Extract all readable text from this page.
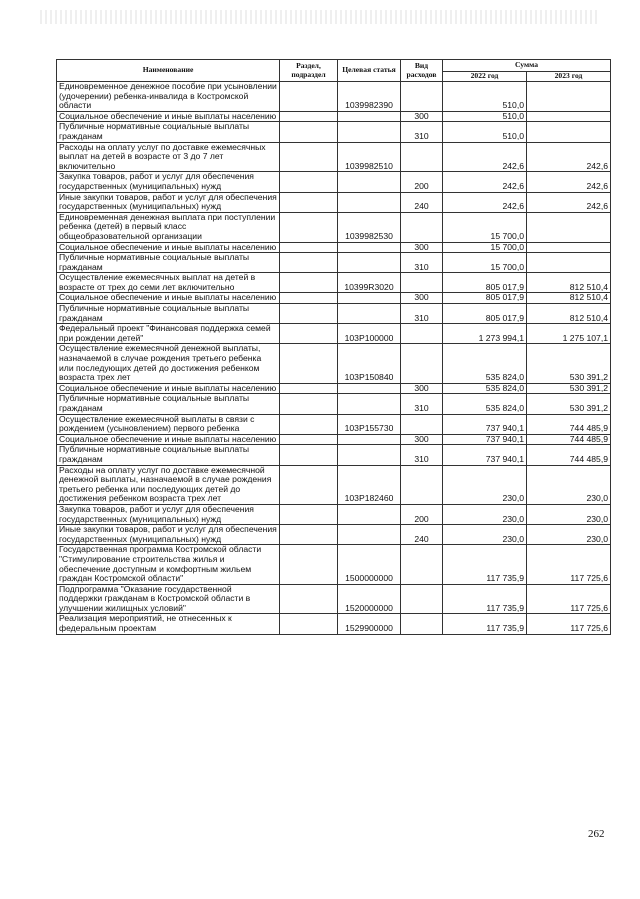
Наименование	Раздел, подраздел	Целевая статья	Вид расходов	Сумма	
				2022 год	2023 год
Единовременное денежное пособие при усыновлении (удочерении) ребенка-инвалида в Костромской области		1039982390		510,0	
Социальное обеспечение и иные выплаты населению			300	510,0	
Публичные нормативные социальные выплаты гражданам			310	510,0	
Расходы на оплату услуг по доставке ежемесячных выплат на детей в возрасте от 3 до 7 лет включительно		1039982510		242,6	242,6
Закупка товаров, работ и услуг для обеспечения государственных (муниципальных) нужд			200	242,6	242,6
Иные закупки товаров, работ и услуг для обеспечения государственных (муниципальных) нужд			240	242,6	242,6
Единовременная денежная выплата при поступлении ребенка (детей) в первый класс общеобразовательной организации		1039982530		15 700,0	
Социальное обеспечение и иные выплаты населению			300	15 700,0	
Публичные нормативные социальные выплаты гражданам			310	15 700,0	
Осуществление ежемесячных выплат на детей в возрасте от трех до семи лет включительно		10399R3020		805 017,9	812 510,4
Социальное обеспечение и иные выплаты населению			300	805 017,9	812 510,4
Публичные нормативные социальные выплаты гражданам			310	805 017,9	812 510,4
Федеральный проект "Финансовая поддержка семей при рождении детей"		103P100000		1 273 994,1	1 275 107,1
Осуществление ежемесячной денежной выплаты, назначаемой в случае рождения третьего ребенка или последующих детей до достижения ребенком возраста трех лет		103P150840		535 824,0	530 391,2
Социальное обеспечение и иные выплаты населению			300	535 824,0	530 391,2
Публичные нормативные социальные выплаты гражданам			310	535 824,0	530 391,2
Осуществление ежемесячной выплаты в связи с рождением (усыновлением) первого ребенка		103P155730		737 940,1	744 485,9
Социальное обеспечение и иные выплаты населению			300	737 940,1	744 485,9
Публичные нормативные социальные выплаты гражданам			310	737 940,1	744 485,9
Расходы на оплату услуг по доставке ежемесячной денежной выплаты, назначаемой в случае рождения третьего ребенка или последующих детей до достижения ребенком возраста трех лет		103P182460		230,0	230,0
Закупка товаров, работ и услуг для обеспечения государственных (муниципальных) нужд			200	230,0	230,0
Иные закупки товаров, работ и услуг для обеспечения государственных (муниципальных) нужд			240	230,0	230,0
Государственная программа Костромской области "Стимулирование строительства жилья и обеспечение доступным и комфортным жильем граждан Костромской области"		1500000000		117 735,9	117 725,6
Подпрограмма "Оказание государственной поддержки гражданам в Костромской области в улучшении жилищных условий"		1520000000		117 735,9	117 725,6
Реализация мероприятий, не отнесенных к федеральным проектам		1529900000		117 735,9	117 725,6
262
